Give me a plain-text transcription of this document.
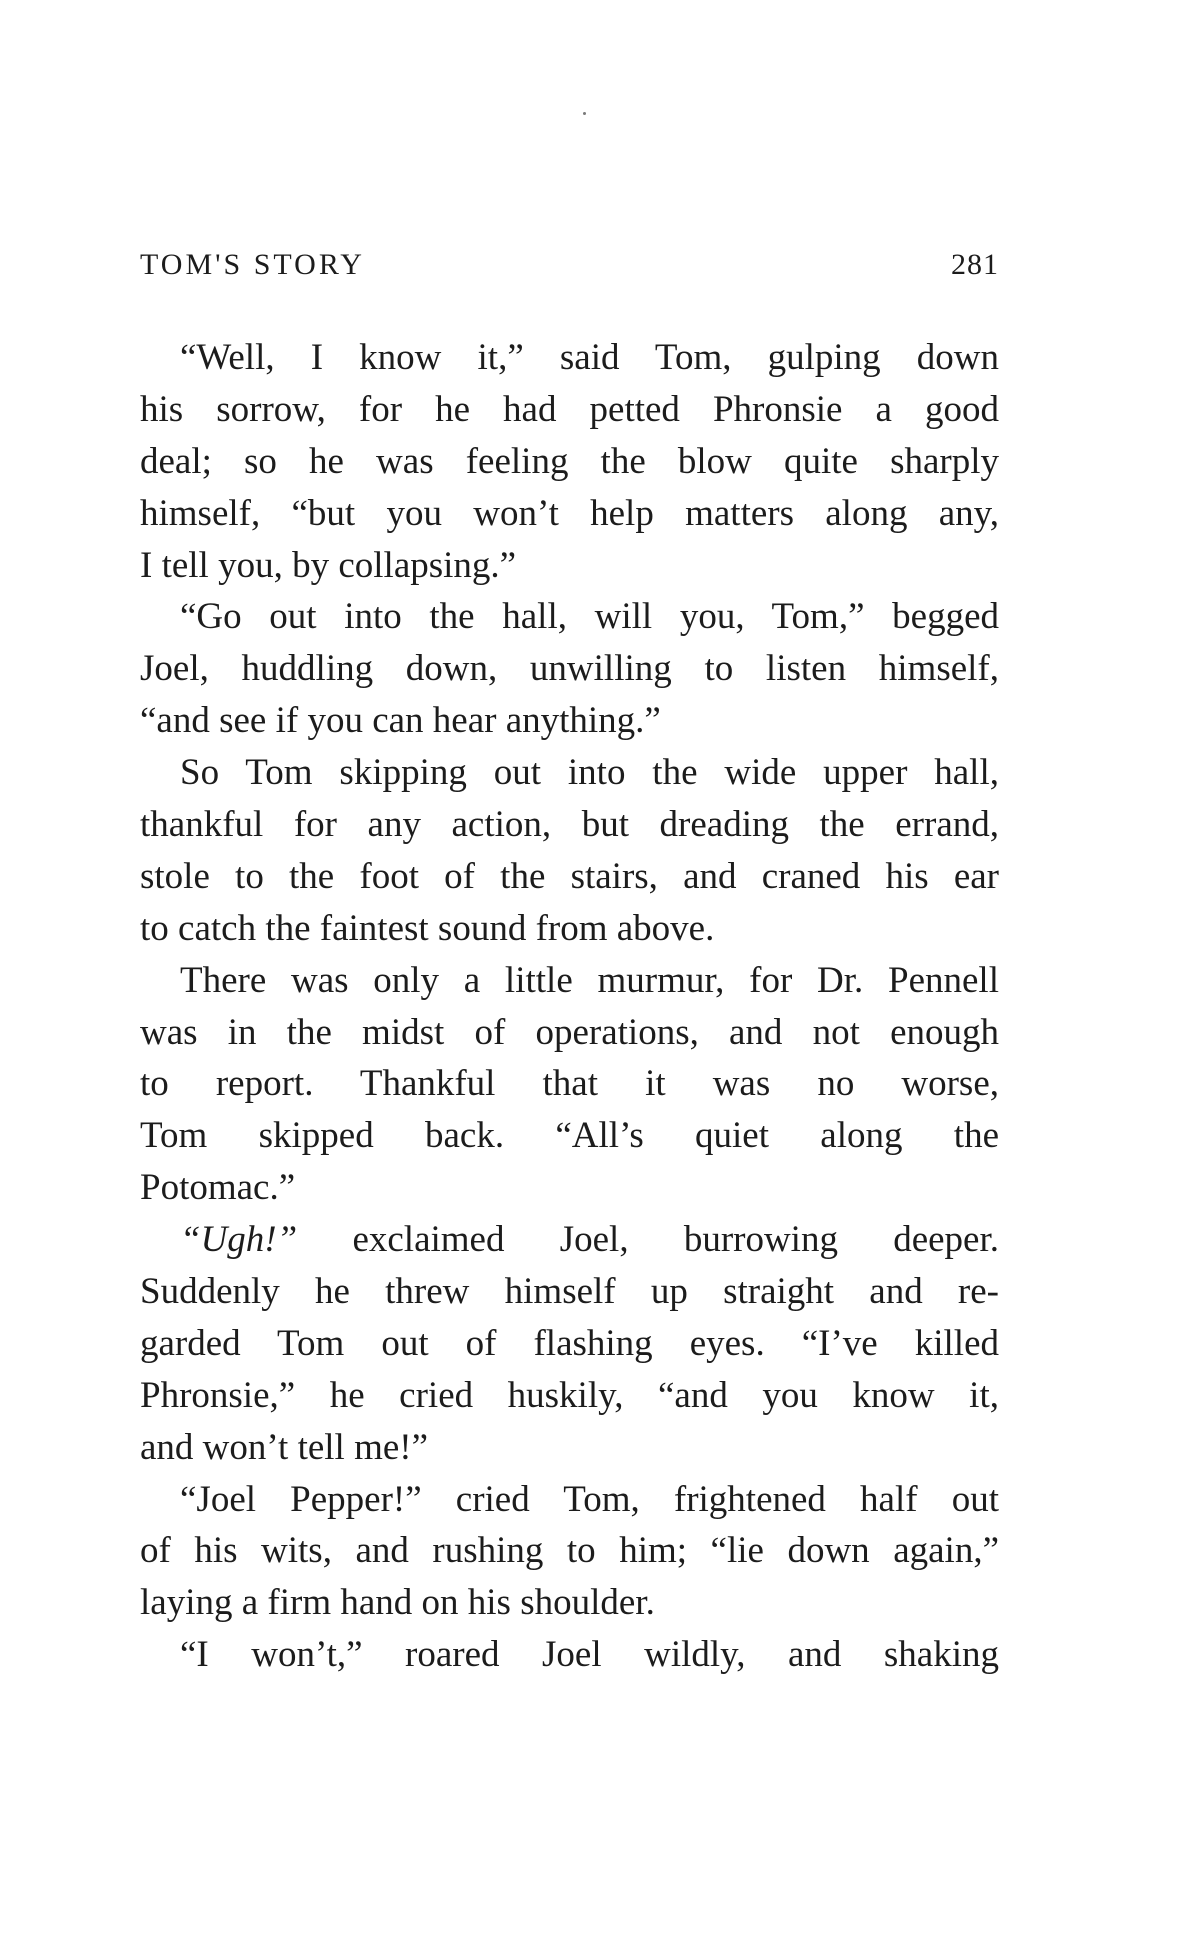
TOM'S STORY	281
“Well, I know it,” said Tom, gulping down
his sorrow, for he had petted Phronsie a good
deal; so he was feeling the blow quite sharply
himself, “but you won’t help matters along any,
I tell you, by collapsing.”
“Go out into the hall, will you, Tom,” begged
Joel, huddling down, unwilling to listen himself,
“and see if you can hear anything.”
So Tom skipping out into the wide upper hall,
thankful for any action, but dreading the errand,
stole to the foot of the stairs, and craned his ear
to catch the faintest sound from above.
There was only a little murmur, for Dr. Pennell
was in the midst of operations, and not enough
to report. Thankful that it was no worse,
Tom skipped back. “All’s quiet along the
Potomac.”
“Ugh!” exclaimed Joel, burrowing deeper.
Suddenly he threw himself up straight and re-
garded Tom out of flashing eyes. “I’ve killed
Phronsie,” he cried huskily, “and you know it,
and won’t tell me!”
“Joel Pepper!” cried Tom, frightened half out
of his wits, and rushing to him; “lie down again,”
laying a firm hand on his shoulder.
“I won’t,” roared Joel wildly, and shaking
